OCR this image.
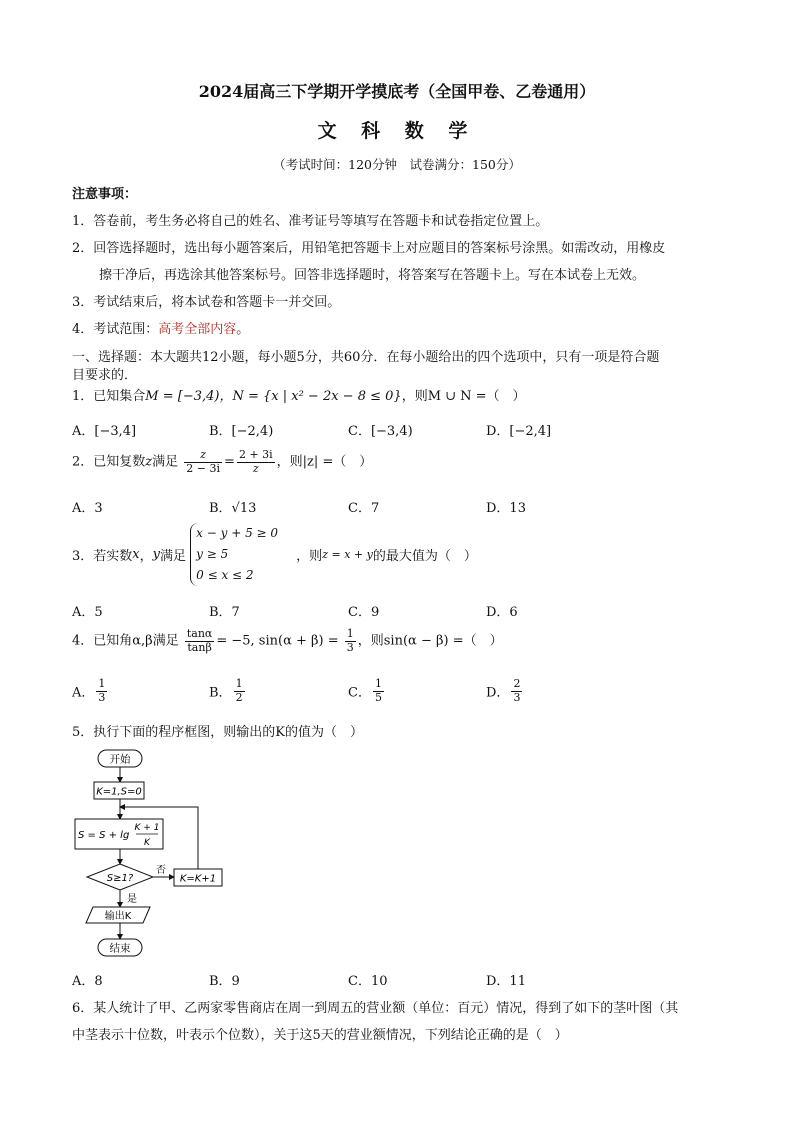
2024届高三下学期开学摸底考（全国甲卷、乙卷通用）
文 科 数 学
（考试时间：120分钟　试卷满分：150分）
注意事项：
1．答卷前，考生务必将自己的姓名、准考证号等填写在答题卡和试卷指定位置上。
2．回答选择题时，选出每小题答案后，用铅笔把答题卡上对应题目的答案标号涂黑。如需改动，用橡皮
擦干净后，再选涂其他答案标号。回答非选择题时，将答案写在答题卡上。写在本试卷上无效。
3．考试结束后，将本试卷和答题卡一并交回。
4．考试范围：高考全部内容。
一、选择题：本大题共12小题，每小题5分，共60分．在每小题给出的四个选项中，只有一项是符合题
目要求的．
1．已知集合M = [−3,4)，N = {x | x² − 2x − 8 ≤ 0}，则M ∪ N =（　）
A．[−3,4]	B．[−2,4)	C．[−3,4)	D．[−2,4]
2．已知复数z满足 $\frac{z}{2 - 3i} = \frac{2 + 3i}{z}$ ，则|z| =（　）
A．3	B．√13	C．7	D．13
3．若实数x，y满足
x − y + 5 ≥ 0
y ≥ 5
0 ≤ x ≤ 2
，则z = x + y的最大值为（　）
A．5	B．7	C．9	D．6
4．已知角α,β满足 $\frac{\tan\alpha}{\tan\beta} = -5$, $\sin(\alpha + \beta) = \frac{1}{3}$ ，则sin(α − β) =（　）
A． $\frac{1}{3}$	B． $\frac{1}{2}$	C． $\frac{1}{5}$	D． $\frac{2}{3}$
5．执行下面的程序框图，则输出的K的值为（　）
开始
K=1,S=0
S = S + lg
K + 1
K
S≥1?
否
K=K+1
是
输出K
结束
A．8	B．9	C．10	D．11
6．某人统计了甲、乙两家零售商店在周一到周五的营业额（单位：百元）情况，得到了如下的茎叶图（其
中茎表示十位数，叶表示个位数），关于这5天的营业额情况，下列结论正确的是（　）
